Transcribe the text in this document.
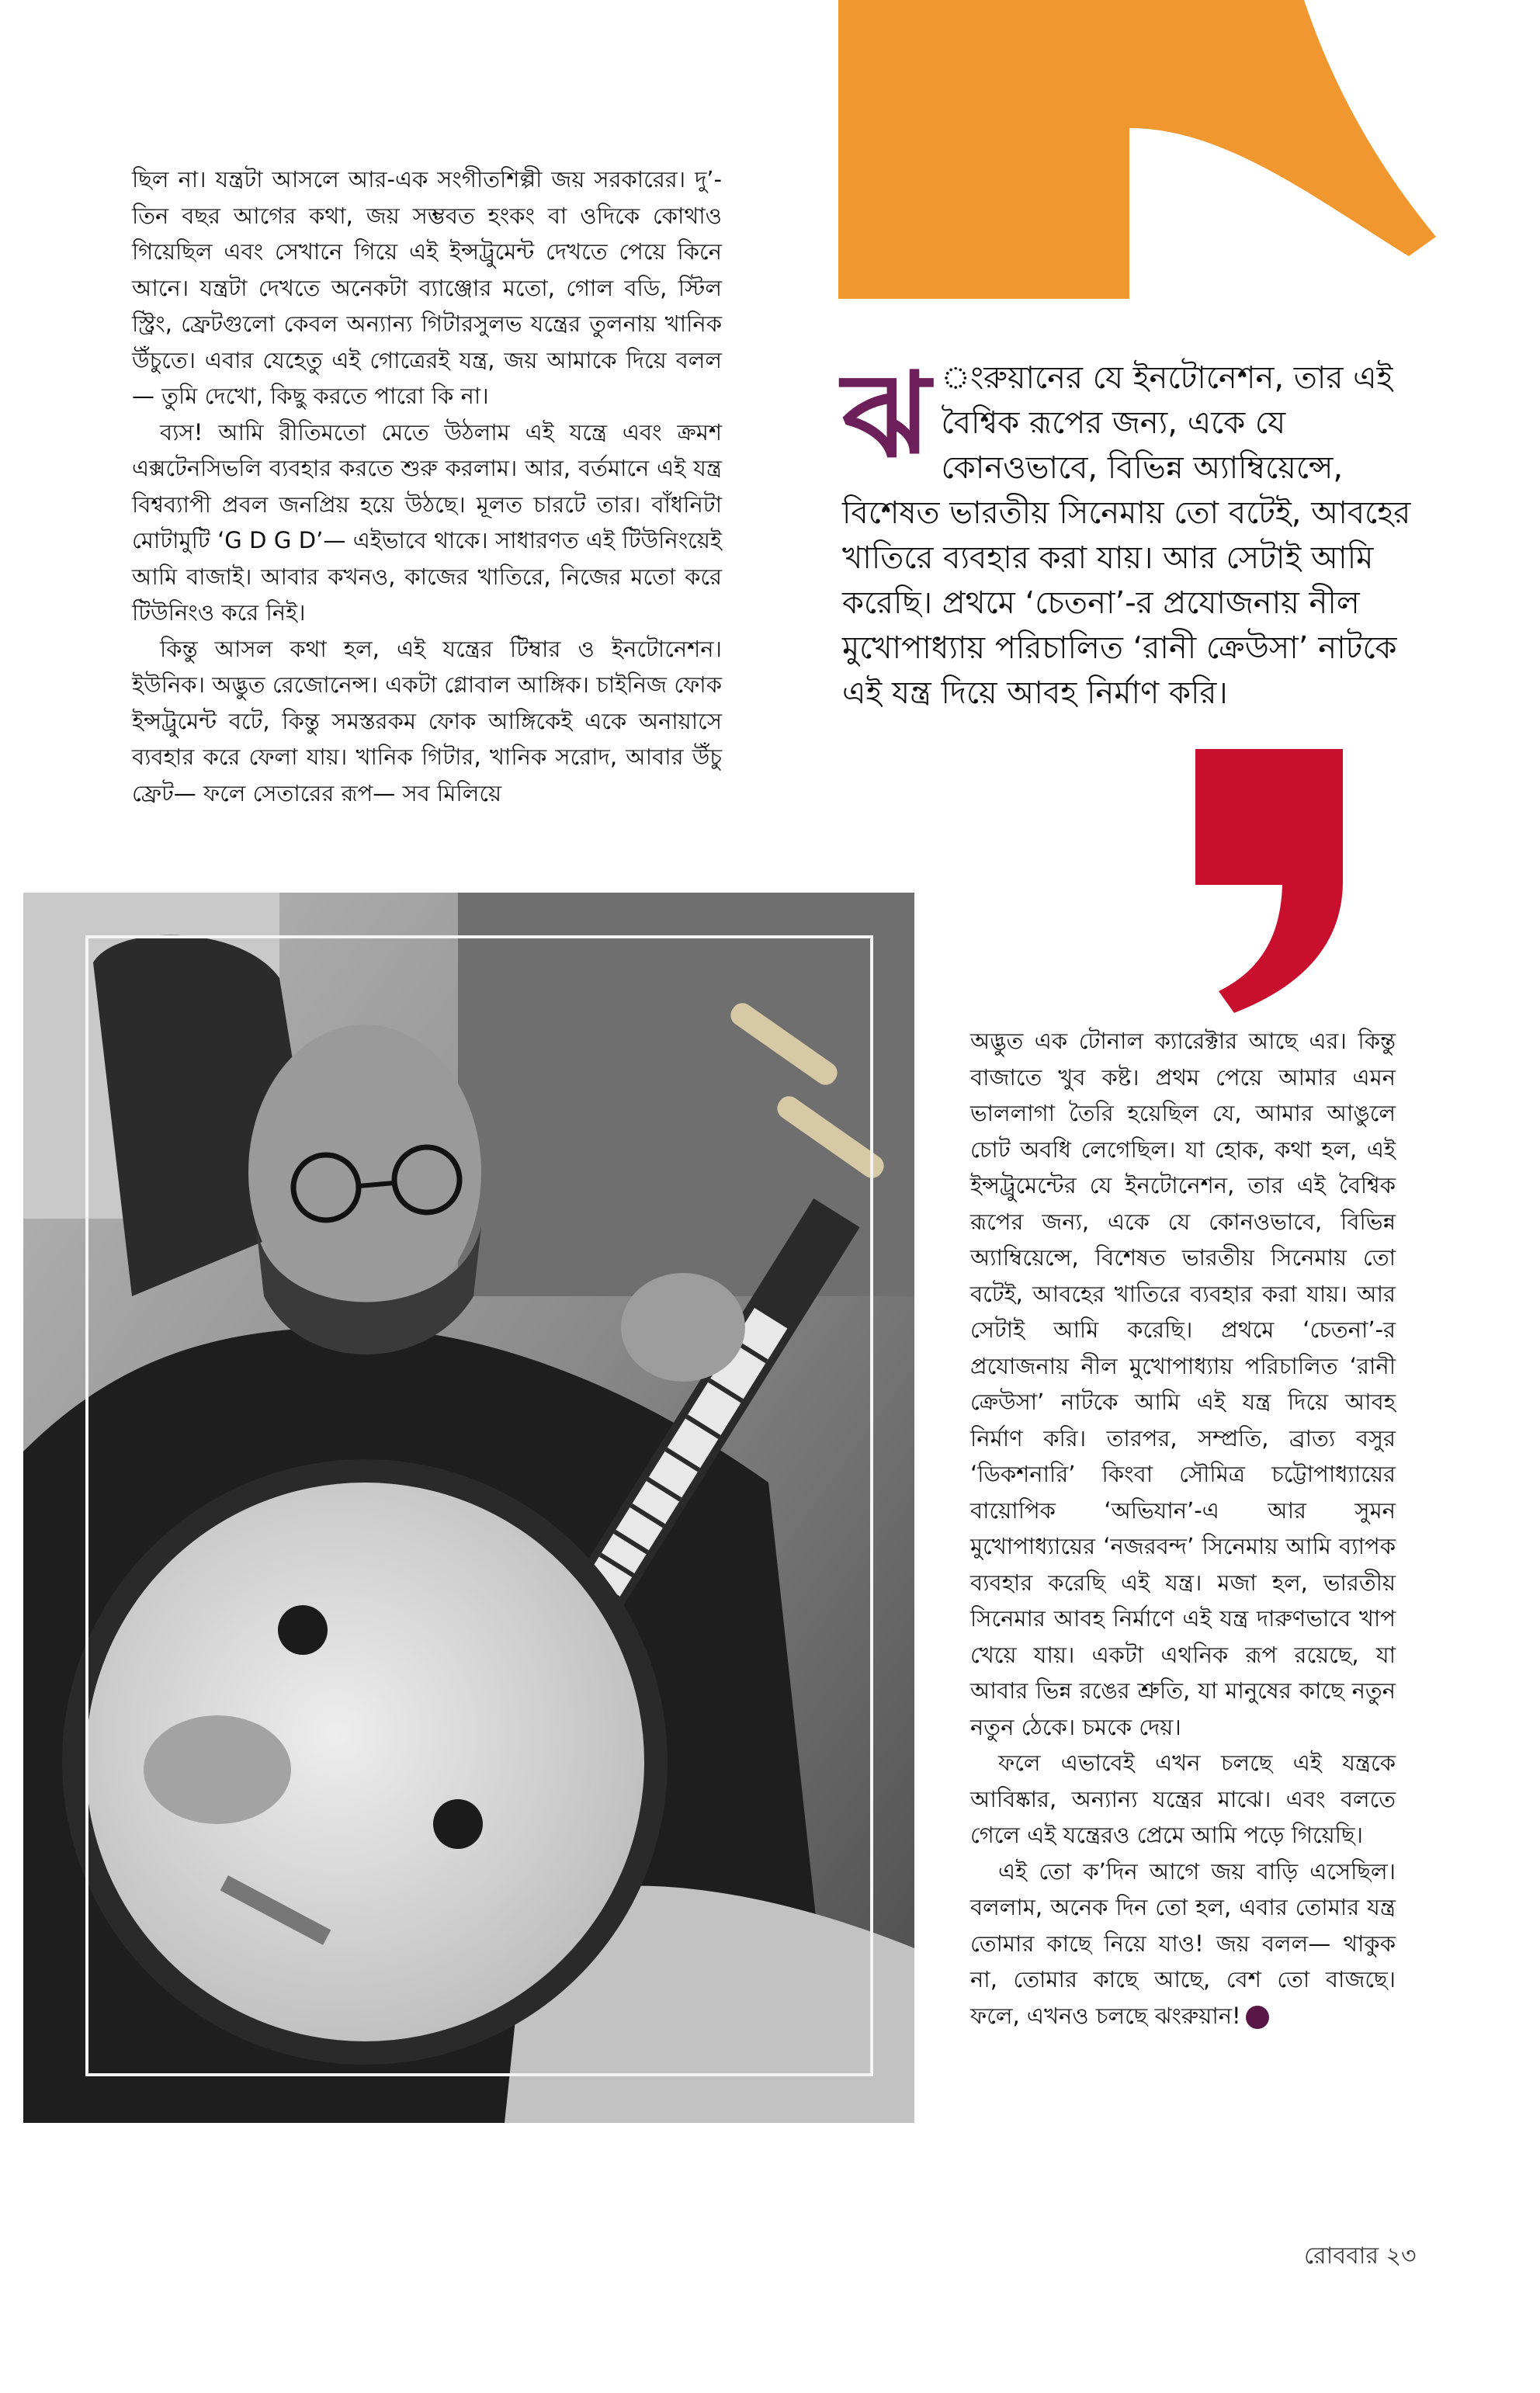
ছিল না। যন্ত্রটা আসলে আর-এক সংগীতশিল্পী জয় সরকারের। দু’-তিন বছর আগের কথা, জয় সম্ভবত হংকং বা ওদিকে কোথাও গিয়েছিল এবং সেখানে গিয়ে এই ইন্সট্রুমেন্ট দেখতে পেয়ে কিনে আনে। যন্ত্রটা দেখতে অনেকটা ব্যাঞ্জোর মতো, গোল বডি, স্টিল স্ট্রিং, ফ্রেটগুলো কেবল অন্যান্য গিটারসুলভ যন্ত্রের তুলনায় খানিক উঁচুতে। এবার যেহেতু এই গোত্রেরই যন্ত্র, জয় আমাকে দিয়ে বলল— তুমি দেখো, কিছু করতে পারো কি না।

ব্যস! আমি রীতিমতো মেতে উঠলাম এই যন্ত্রে এবং ক্রমশ এক্সটেনসিভলি ব্যবহার করতে শুরু করলাম। আর, বর্তমানে এই যন্ত্র বিশ্বব্যাপী প্রবল জনপ্রিয় হয়ে উঠছে। মূলত চারটে তার। বাঁধনিটা মোটামুটি ‘G D G D’— এইভাবে থাকে। সাধারণত এই টিউনিংয়েই আমি বাজাই। আবার কখনও, কাজের খাতিরে, নিজের মতো করে টিউনিংও করে নিই।

কিন্তু আসল কথা হল, এই যন্ত্রের টিম্বার ও ইনটোনেশন। ইউনিক। অদ্ভুত রেজোনেন্স। একটা গ্লোবাল আঙ্গিক। চাইনিজ ফোক ইন্সট্রুমেন্ট বটে, কিন্তু সমস্তরকম ফোক আঙ্গিকেই একে অনায়াসে ব্যবহার করে ফেলা যায়। খানিক গিটার, খানিক সরোদ, আবার উঁচু ফ্রেট— ফলে সেতারের রূপ— সব মিলিয়ে

ঝ ংরুয়ানের যে ইনটোনেশন, তার এই বৈশ্বিক রূপের জন্য, একে যে কোনওভাবে, বিভিন্ন অ্যাম্বিয়েন্সে, বিশেষত ভারতীয় সিনেমায় তো বটেই, আবহের খাতিরে ব্যবহার করা যায়। আর সেটাই আমি করেছি। প্রথমে ‘চেতনা’-র প্রযোজনায় নীল মুখোপাধ্যায় পরিচালিত ‘রানী ক্রেউসা’ নাটকে এই যন্ত্র দিয়ে আবহ নির্মাণ করি।

অদ্ভুত এক টোনাল ক্যারেক্টার আছে এর। কিন্তু বাজাতে খুব কষ্ট। প্রথম পেয়ে আমার এমন ভাললাগা তৈরি হয়েছিল যে, আমার আঙুলে চোট অবধি লেগেছিল। যা হোক, কথা হল, এই ইন্সট্রুমেন্টের যে ইনটোনেশন, তার এই বৈশ্বিক রূপের জন্য, একে যে কোনওভাবে, বিভিন্ন অ্যাম্বিয়েন্সে, বিশেষত ভারতীয় সিনেমায় তো বটেই, আবহের খাতিরে ব্যবহার করা যায়। আর সেটাই আমি করেছি। প্রথমে ‘চেতনা’-র প্রযোজনায় নীল মুখোপাধ্যায় পরিচালিত ‘রানী ক্রেউসা’ নাটকে আমি এই যন্ত্র দিয়ে আবহ নির্মাণ করি। তারপর, সম্প্রতি, ব্রাত্য বসুর ‘ডিকশনারি’ কিংবা সৌমিত্র চট্টোপাধ্যায়ের বায়োপিক ‘অভিযান’-এ আর সুমন মুখোপাধ্যায়ের ‘নজরবন্দ’ সিনেমায় আমি ব্যাপক ব্যবহার করেছি এই যন্ত্র। মজা হল, ভারতীয় সিনেমার আবহ নির্মাণে এই যন্ত্র দারুণভাবে খাপ খেয়ে যায়। একটা এথনিক রূপ রয়েছে, যা আবার ভিন্ন রঙের শ্রুতি, যা মানুষের কাছে নতুন নতুন ঠেকে। চমকে দেয়।

ফলে এভাবেই এখন চলছে এই যন্ত্রকে আবিষ্কার, অন্যান্য যন্ত্রের মাঝে। এবং বলতে গেলে এই যন্ত্রেরও প্রেমে আমি পড়ে গিয়েছি।

এই তো ক’দিন আগে জয় বাড়ি এসেছিল। বললাম, অনেক দিন তো হল, এবার তোমার যন্ত্র তোমার কাছে নিয়ে যাও! জয় বলল— থাকুক না, তোমার কাছে আছে, বেশ তো বাজছে। ফলে, এখনও চলছে ঝংরুয়ান!

রোববার ২৩
